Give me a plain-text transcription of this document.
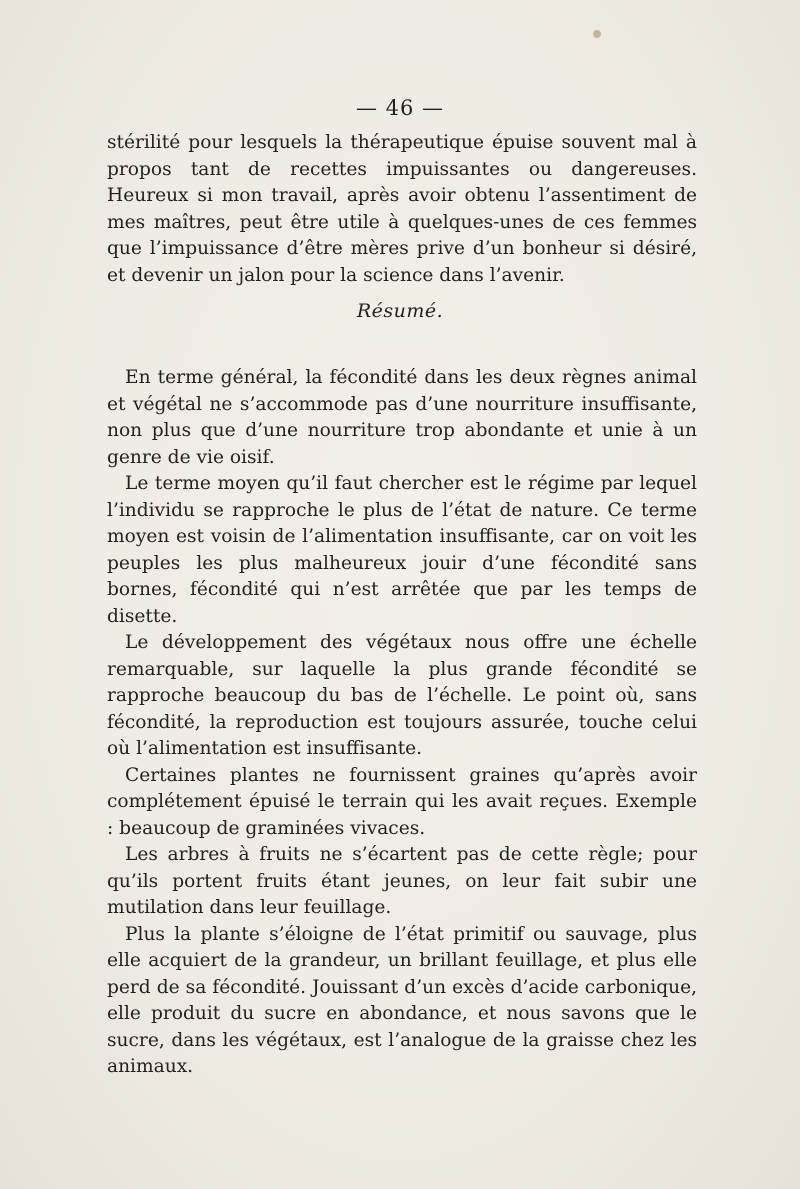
— 46 —

stérilité pour lesquels la thérapeutique épuise souvent mal à propos tant de recettes impuissantes ou dangereuses. Heureux si mon travail, après avoir obtenu l’assentiment de mes maîtres, peut être utile à quelques-unes de ces femmes que l’impuissance d’être mères prive d’un bonheur si désiré, et devenir un jalon pour la science dans l’avenir.

Résumé.

En terme général, la fécondité dans les deux règnes animal et végétal ne s’accommode pas d’une nourriture insuffisante, non plus que d’une nourriture trop abondante et unie à un genre de vie oisif.

Le terme moyen qu’il faut chercher est le régime par lequel l’individu se rapproche le plus de l’état de nature. Ce terme moyen est voisin de l’alimentation insuffisante, car on voit les peuples les plus malheureux jouir d’une fécondité sans bornes, fécondité qui n’est arrêtée que par les temps de disette.

Le développement des végétaux nous offre une échelle remarquable, sur laquelle la plus grande fécondité se rapproche beaucoup du bas de l’échelle. Le point où, sans fécondité, la reproduction est toujours assurée, touche celui où l’alimentation est insuffisante.

Certaines plantes ne fournissent graines qu’après avoir complétement épuisé le terrain qui les avait reçues. Exemple : beaucoup de graminées vivaces.

Les arbres à fruits ne s’écartent pas de cette règle; pour qu’ils portent fruits étant jeunes, on leur fait subir une mutilation dans leur feuillage.

Plus la plante s’éloigne de l’état primitif ou sauvage, plus elle acquiert de la grandeur, un brillant feuillage, et plus elle perd de sa fécondité. Jouissant d’un excès d’acide carbonique, elle produit du sucre en abondance, et nous savons que le sucre, dans les végétaux, est l’analogue de la graisse chez les animaux.
